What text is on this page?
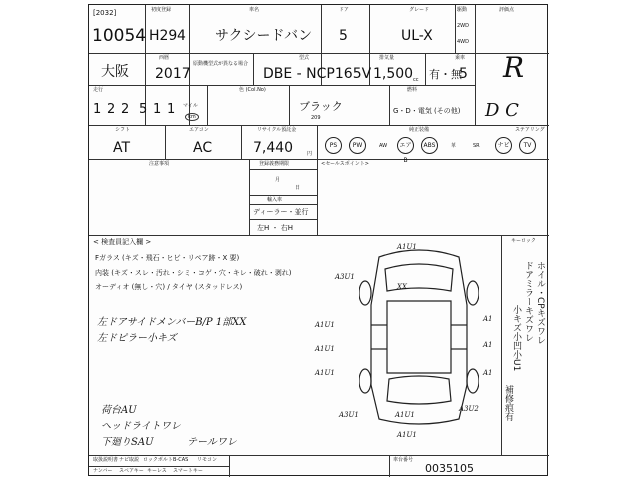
[2032]
10054
初度登録
H29 4
車名
サクシードバン
ドア
5
グレード
UL-X
駆動
2WD
4WD
評価点
大阪
西暦
2017
原動機型式が異なる場合
型式
DBE - NCP165V
排気量
1,500 cc 有・無
乗車
5 R
走行
1 2 2 5 1 1 マイル
km
色 (Col.No)
ブラック
209
燃料
G・D・電気 (その他) D C
シフト
AT
エアコン
AC
リサイクル預託金
7,440	円
純正装備	ステアリング
PS	PW	AW	エアB
ABS	革	SR	ナビ	TV
注意事項	登録義務期限	<セールスポイント>
月
日
輸入車
ディーラー・並行
左H ・ 右H
< 検査員記入欄 >
Fガラス (キズ・飛石・ヒビ・リペア跡・X 要)
内装 (キズ・スレ・汚れ・シミ・コゲ・穴・キレ・破れ・剥れ)
オーディオ (無し・穴) / タイヤ (スタッドレス)
左ドアサイドメンバーB/P 1部XX
左ドピラー小キズ
荷台AU
ヘッドライトワレ
下廻りSAU	テールワレ
A1U1
A3U1
XX
A1U1
A1U1
A1U1
A3U1	A1U1
A3U2
A1U1
A1
A1
A1
キーロック
ホイル・CPキズワレ
ドアミラーキズワレ
小キズ小凹小U1
補修痕有
取扱説明書 ナビ取説 ロックボルト B-CAS リモコン
ナンバー スペアキー キーレス スマートキー
車台番号
0035105
